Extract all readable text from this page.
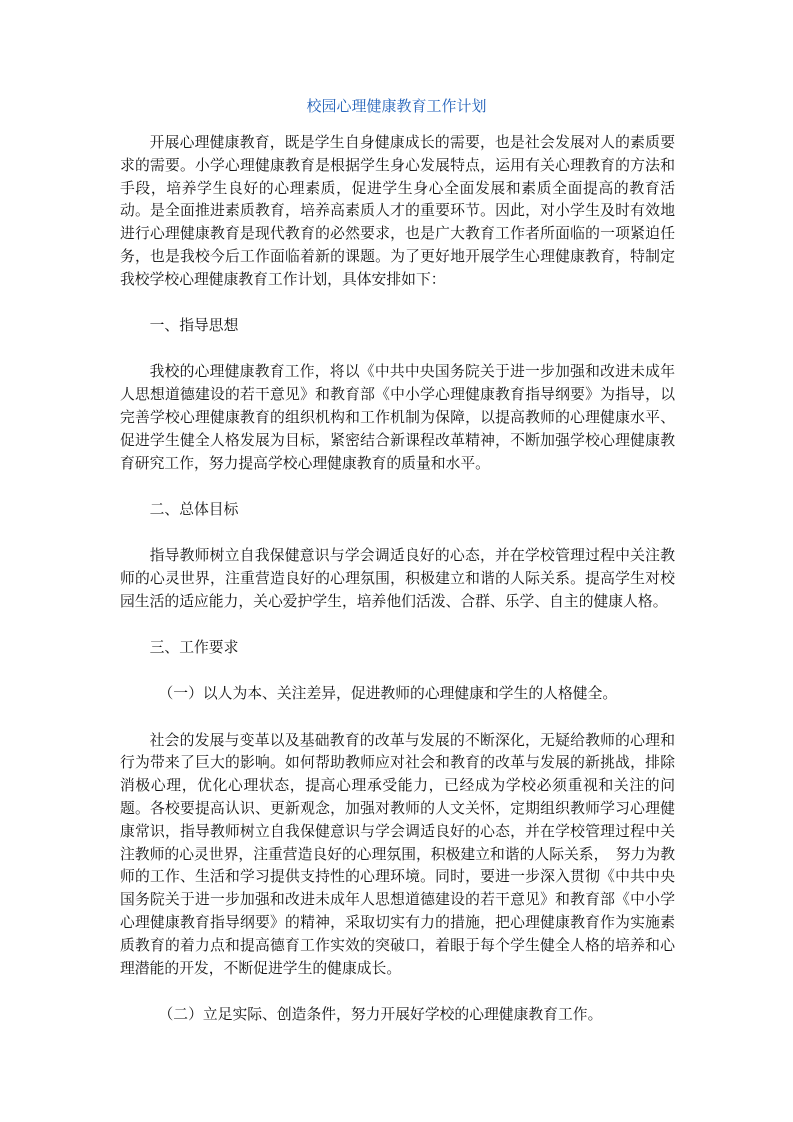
校园心理健康教育工作计划

开展心理健康教育，既是学生自身健康成长的需要，也是社会发展对人的素质要求的需要。小学心理健康教育是根据学生身心发展特点，运用有关心理教育的方法和手段，培养学生良好的心理素质，促进学生身心全面发展和素质全面提高的教育活动。是全面推进素质教育，培养高素质人才的重要环节。因此，对小学生及时有效地进行心理健康教育是现代教育的必然要求，也是广大教育工作者所面临的一项紧迫任务，也是我校今后工作面临着新的课题。为了更好地开展学生心理健康教育，特制定我校学校心理健康教育工作计划，具体安排如下：

一、指导思想

我校的心理健康教育工作，将以《中共中央国务院关于进一步加强和改进未成年人思想道德建设的若干意见》和教育部《中小学心理健康教育指导纲要》为指导，以完善学校心理健康教育的组织机构和工作机制为保障，以提高教师的心理健康水平、促进学生健全人格发展为目标，紧密结合新课程改革精神，不断加强学校心理健康教育研究工作，努力提高学校心理健康教育的质量和水平。

二、总体目标

指导教师树立自我保健意识与学会调适良好的心态，并在学校管理过程中关注教师的心灵世界，注重营造良好的心理氛围，积极建立和谐的人际关系。提高学生对校园生活的适应能力，关心爱护学生，培养他们活泼、合群、乐学、自主的健康人格。

三、工作要求

（一）以人为本、关注差异，促进教师的心理健康和学生的人格健全。

社会的发展与变革以及基础教育的改革与发展的不断深化，无疑给教师的心理和行为带来了巨大的影响。如何帮助教师应对社会和教育的改革与发展的新挑战，排除消极心理，优化心理状态，提高心理承受能力，已经成为学校必须重视和关注的问题。各校要提高认识、更新观念，加强对教师的人文关怀，定期组织教师学习心理健康常识，指导教师树立自我保健意识与学会调适良好的心态，并在学校管理过程中关注教师的心灵世界，注重营造良好的心理氛围，积极建立和谐的人际关系，　努力为教师的工作、生活和学习提供支持性的心理环境。同时，要进一步深入贯彻《中共中央国务院关于进一步加强和改进未成年人思想道德建设的若干意见》和教育部《中小学心理健康教育指导纲要》的精神，采取切实有力的措施，把心理健康教育作为实施素质教育的着力点和提高德育工作实效的突破口，着眼于每个学生健全人格的培养和心理潜能的开发，不断促进学生的健康成长。

（二）立足实际、创造条件，努力开展好学校的心理健康教育工作。
